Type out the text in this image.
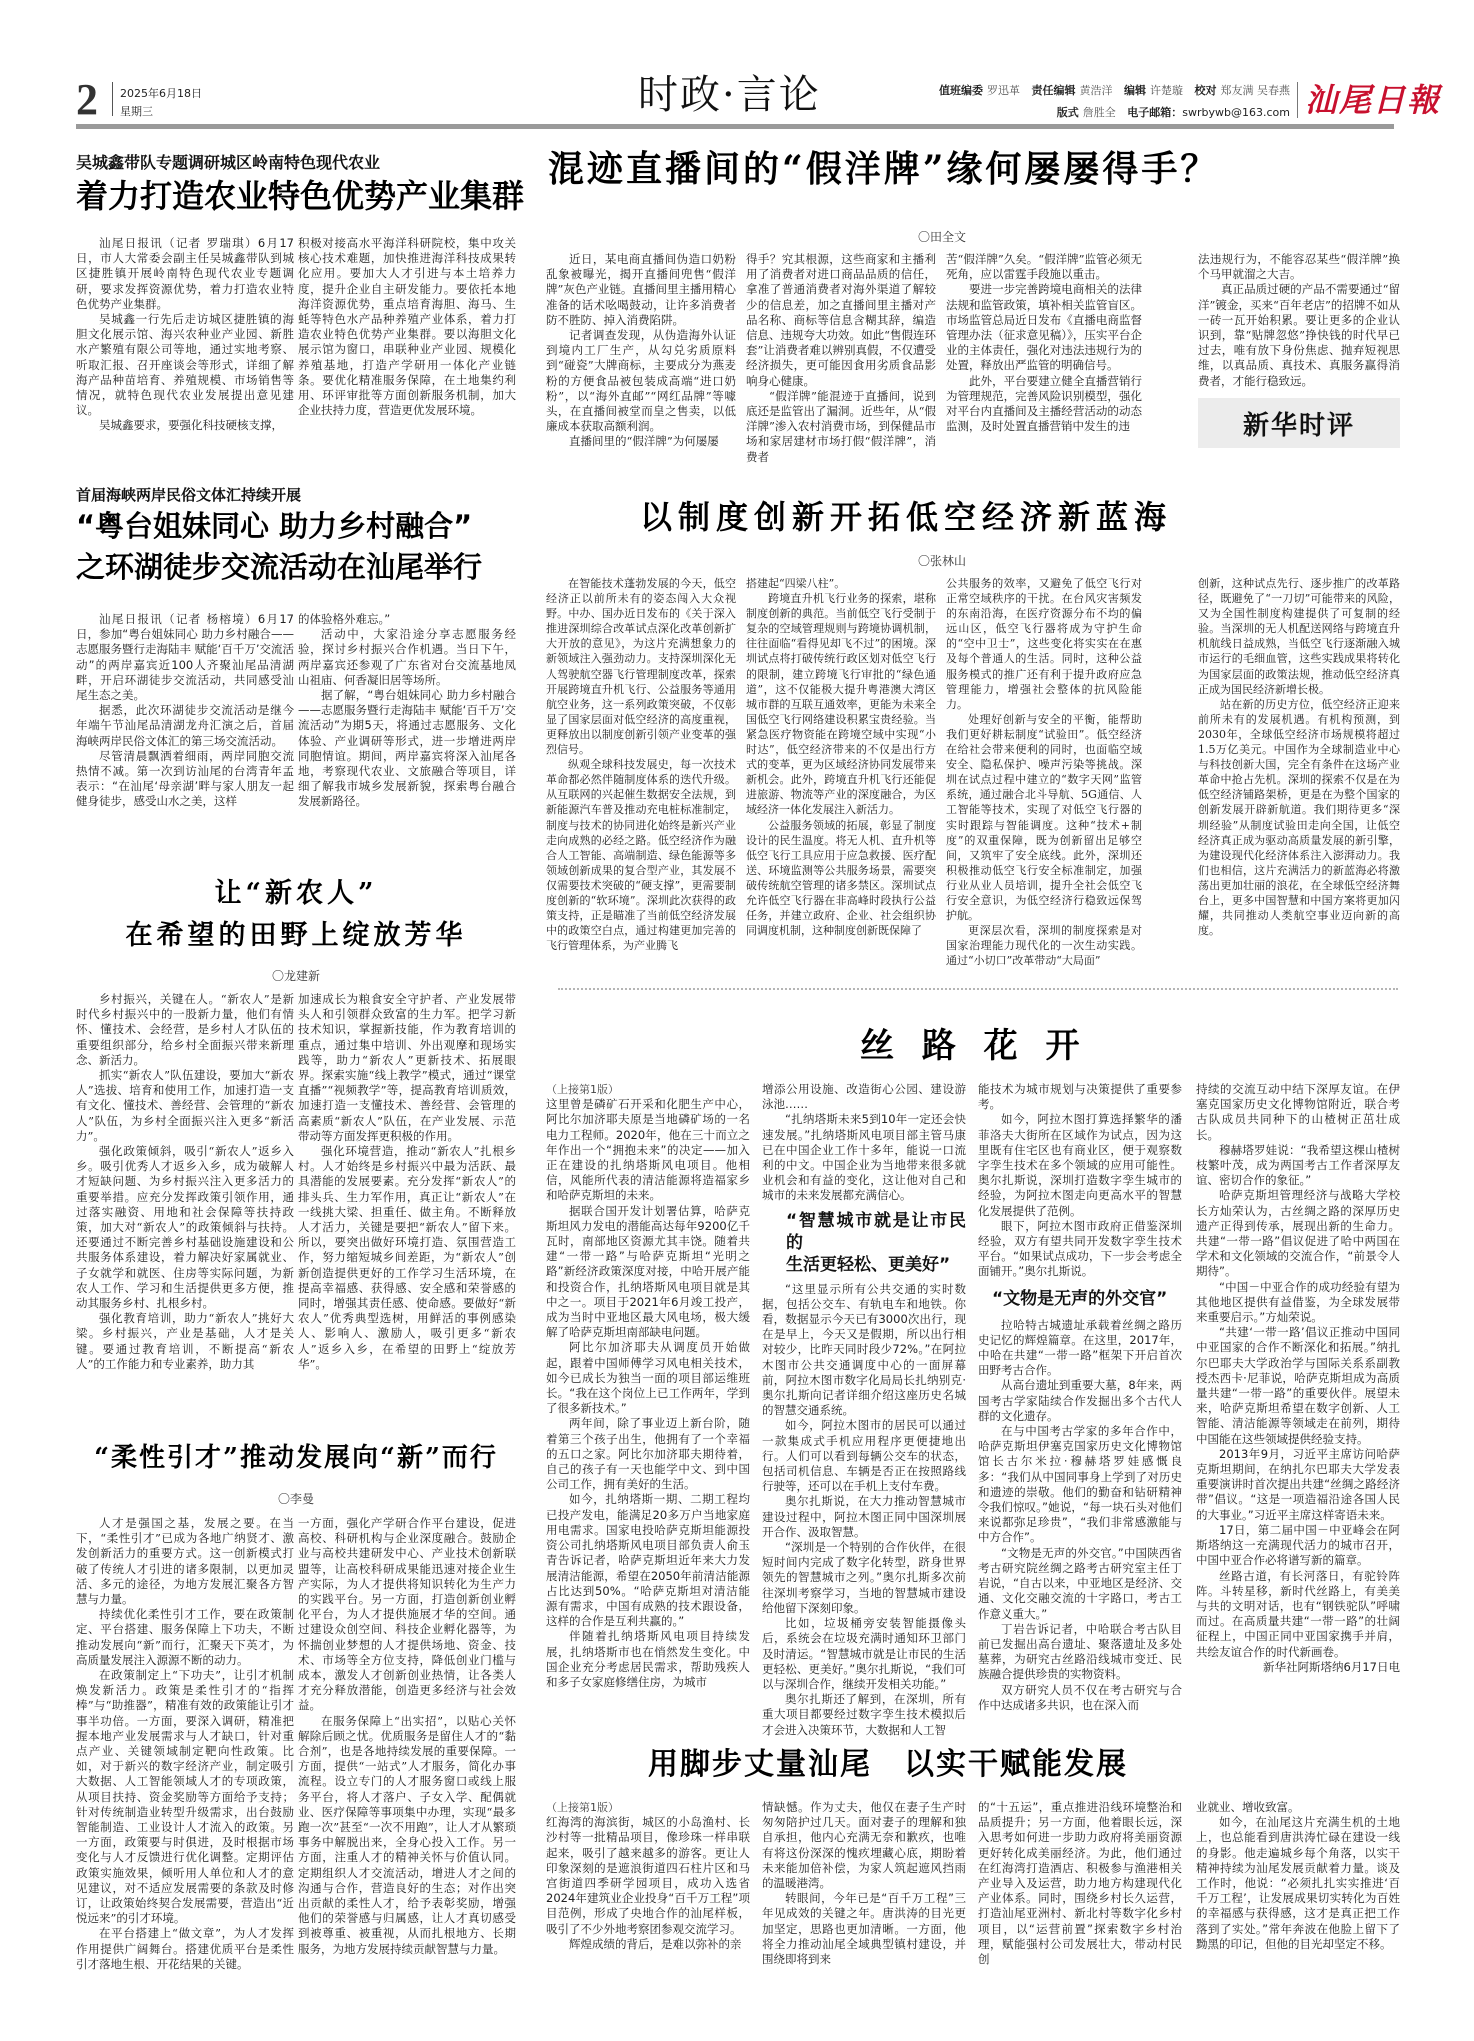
2 2025年6月18日
星期三	时政·言论	值班编委 罗迅革 责任编辑 黄浩洋 编辑 许楚璇 校对 郑友满 吴春燕
版式 詹胜全 电子邮箱：swrbywb@163.com 汕尾日報
吴城鑫带队专题调研城区岭南特色现代农业
着力打造农业特色优势产业集群

汕尾日报讯（记者 罗瑞琪）6月17日，市人大常委会副主任吴城鑫带队到城区捷胜镇开展岭南特色现代农业专题调研，要求发挥资源优势，着力打造农业特色优势产业集群。

吴城鑫一行先后走访城区捷胜镇的海胆文化展示馆、海兴农种业产业园、新胜水产繁殖有限公司等地，通过实地考察、听取汇报、召开座谈会等形式，详细了解海产品种苗培育、养殖规模、市场销售等情况，就特色现代农业发展提出意见建议。

吴城鑫要求，要强化科技硬核支撑，

积极对接高水平海洋科研院校，集中攻关核心技术难题，加快推进海洋科技成果转化应用。要加大人才引进与本土培养力度，提升企业自主研发能力。要依托本地海洋资源优势，重点培育海胆、海马、生蚝等特色水产品种养殖产业体系，着力打造农业特色优势产业集群。要以海胆文化展示馆为窗口，串联种业产业园、规模化养殖基地，打造产学研用一体化产业链条。要优化精准服务保障，在土地集约利用、环评审批等方面创新服务机制，加大企业扶持力度，营造更优发展环境。

首届海峡两岸民俗文体汇持续开展
“粤台姐妹同心 助力乡村融合”
之环湖徒步交流活动在汕尾举行

汕尾日报讯（记者 杨榕境）6月17日，参加“粤台姐妹同心 助力乡村融合——志愿服务暨行走海陆丰 赋能‘百千万’交流活动”的两岸嘉宾近100人齐聚汕尾品清湖畔，开启环湖徒步交流活动，共同感受汕尾生态之美。

据悉，此次环湖徒步交流活动是继今年端午节汕尾品清湖龙舟汇演之后，首届海峡两岸民俗文体汇的第三场交流活动。

尽管清晨飘洒着细雨，两岸同胞交流热情不减。第一次到访汕尾的台湾青年孟表示：“在汕尾‘母亲湖’畔与家人朋友一起健身徒步，感受山水之美，这样

的体验格外难忘。”

活动中，大家沿途分享志愿服务经验，探讨乡村振兴合作机遇。当日下午，两岸嘉宾还参观了广东省对台交流基地凤山祖庙、何香凝旧居等场所。

据了解，“粤台姐妹同心 助力乡村融合——志愿服务暨行走海陆丰 赋能‘百千万’交流活动”为期5天，将通过志愿服务、文化体验、产业调研等形式，进一步增进两岸同胞情谊。期间，两岸嘉宾将深入汕尾各地，考察现代农业、文旅融合等项目，详细了解我市城乡发展新貌，探索粤台融合发展新路径。

让“新农人”
在希望的田野上绽放芳华
〇龙建新

乡村振兴，关键在人。“新农人”是新时代乡村振兴中的一股新力量，他们有情怀、懂技术、会经营，是乡村人才队伍的重要组织部分，给乡村全面振兴带来新理念、新活力。

抓实“新农人”队伍建设，要加大“新农人”选拔、培育和使用工作，加速打造一支有文化、懂技术、善经营、会管理的“新农人”队伍，为乡村全面振兴注入更多“新活力”。

强化政策倾斜，吸引“新农人”返乡入乡。吸引优秀人才返乡入乡，成为破解人才短缺问题、为乡村振兴注入更多活力的重要举措。应充分发挥政策引领作用，通过落实融资、用地和社会保障等扶持政策，加大对“新农人”的政策倾斜与扶持。还要通过不断完善乡村基础设施建设和公共服务体系建设，着力解决好家属就业、子女就学和就医、住房等实际问题，为新农人工作、学习和生活提供更多方便，推动其服务乡村、扎根乡村。

强化教育培训，助力“新农人”挑好大梁。乡村振兴，产业是基础，人才是关键。要通过教育培训，不断提高“新农人”的工作能力和专业素养，助力其

加速成长为粮食安全守护者、产业发展带头人和引领群众致富的生力军。把学习新技术知识，掌握新技能，作为教育培训的重点，通过集中培训、外出观摩和现场实践等，助力“新农人”更新技术、拓展眼界。探索实施“线上教学”模式，通过“课堂直播”“视频教学”等，提高教育培训质效，加速打造一支懂技术、善经营、会管理的高素质“新农人”队伍，在产业发展、示范带动等方面发挥更积极的作用。

强化环境营造，推动“新农人”扎根乡村。人才始终是乡村振兴中最为活跃、最具潜能的发展要素。充分发挥“新农人”的排头兵、生力军作用，真正让“新农人”在一线挑大梁、担重任、做主角。不断释放人才活力，关键是要把“新农人”留下来。所以，要突出做好环境打造、氛围营造工作，努力缩短城乡间差距，为“新农人”创新创造提供更好的工作学习生活环境，在提高幸福感、获得感、安全感和荣誉感的同时，增强其责任感、使命感。要做好“新农人”优秀典型选树，用鲜活的事例感染人、影响人、激励人，吸引更多“新农人”返乡入乡，在希望的田野上“绽放芳华”。

“柔性引才”推动发展向“新”而行
〇李曼

人才是强国之基，发展之要。在当下，“柔性引才”已成为各地广纳贤才、激发创新活力的重要方式。这一创新模式打破了传统人才引进的诸多限制，以更加灵活、多元的途径，为地方发展汇聚各方智慧与力量。

持续优化柔性引才工作，要在政策制定、平台搭建、服务保障上下功夫，不断推动发展向“新”而行，汇聚天下英才，为高质量发展注入源源不断的动力。

在政策制定上“下功夫”，让引才机制焕发新活力。政策是柔性引才的“指挥棒”与“助推器”，精准有效的政策能让引才事半功倍。一方面，要深入调研，精准把握本地产业发展需求与人才缺口，针对重点产业、关键领域制定靶向性政策。比如，对于新兴的数字经济产业，制定吸引大数据、人工智能领域人才的专项政策，从项目扶持、资金奖励等方面给予支持；针对传统制造业转型升级需求，出台鼓励智能制造、工业设计人才流入的政策。另一方面，政策要与时俱进，及时根据市场变化与人才反馈进行优化调整。定期评估政策实施效果，倾听用人单位和人才的意见建议，对不适应发展需要的条款及时修订，让政策始终契合发展需要，营造出“近悦远来”的引才环境。

在平台搭建上“做文章”，为人才发挥作用提供广阔舞台。搭建优质平台是柔性引才落地生根、开花结果的关键。

一方面，强化产学研合作平台建设，促进高校、科研机构与企业深度融合。鼓励企业与高校共建研发中心、产业技术创新联盟等，让高校科研成果能迅速对接企业生产实际，为人才提供将知识转化为生产力的实践平台。另一方面，打造创新创业孵化平台，为人才提供施展才华的空间。通过建设众创空间、科技企业孵化器等，为怀揣创业梦想的人才提供场地、资金、技术、市场等全方位支持，降低创业门槛与成本，激发人才创新创业热情，让各类人才充分释放潜能，创造更多经济与社会效益。

在服务保障上“出实招”，以贴心关怀解除后顾之忧。优质服务是留住人才的“黏合剂”，也是各地持续发展的重要保障。一方面，提供“一站式”人才服务，简化办事流程。设立专门的人才服务窗口或线上服务平台，将人才落户、子女入学、配偶就业、医疗保障等事项集中办理，实现“最多跑一次”甚至“一次不用跑”，让人才从繁琐事务中解脱出来，全身心投入工作。另一方面，注重人才的精神关怀与价值认同。定期组织人才交流活动，增进人才之间的沟通与合作，营造良好的生态；对作出突出贡献的柔性人才，给予表彰奖励，增强他们的荣誉感与归属感，让人才真切感受到被尊重、被重视，从而扎根地方、长期服务，为地方发展持续贡献智慧与力量。

混迹直播间的“假洋牌”缘何屡屡得手？
〇田全文

近日，某电商直播间伪造口奶粉乱象被曝光，揭开直播间兜售“假洋牌”灰色产业链。直播间里主播用精心准备的话术吆喝鼓动，让许多消费者防不胜防、掉入消费陷阱。

记者调查发现，从伪造海外认证到境内工厂生产，从勾兑劣质原料到“碰瓷”大牌商标，主要成分为燕麦粉的方便食品被包装成高端“进口奶粉”，以“海外直邮”“网红品牌”等噱头，在直播间被堂而皇之售卖，以低廉成本获取高额利润。

直播间里的“假洋牌”为何屡屡

得手？究其根源，这些商家和主播利用了消费者对进口商品品质的信任，拿准了普通消费者对海外渠道了解较少的信息差，加之直播间里主播对产品名称、商标等信息含糊其辞，编造信息、违规夸大功效。如此“售假连环套”让消费者难以辨别真假，不仅遭受经济损失，更可能因食用劣质食品影响身心健康。

“假洋牌”能混迹于直播间，说到底还是监管出了漏洞。近些年，从“假洋牌”渗入农村消费市场，到保健品市场和家居建材市场打假“假洋牌”，消费者

苦“假洋牌”久矣。“假洋牌”监管必须无死角，应以雷霆手段施以重击。

要进一步完善跨境电商相关的法律法规和监管政策，填补相关监管盲区。市场监管总局近日发布《直播电商监督管理办法（征求意见稿）》，压实平台企业的主体责任，强化对违法违规行为的处置，释放出严监管的明确信号。

此外，平台要建立健全直播营销行为管理规范，完善风险识别模型，强化对平台内直播间及主播经营活动的动态监测，及时处置直播营销中发生的违

法违规行为，不能容忍某些“假洋牌”换个马甲就溜之大吉。

真正品质过硬的产品不需要通过“留洋”镀金，买来“百年老店”的招牌不如从一砖一瓦开始积累。要让更多的企业认识到，靠“贴牌忽悠”挣快钱的时代早已过去，唯有放下身份焦虑、抛弃短视思维，以真品质、真技术、真服务赢得消费者，才能行稳致远。

新华时评
以制度创新开拓低空经济新蓝海
〇张林山

在智能技术蓬勃发展的今天，低空经济正以前所未有的姿态闯入大众视野。中办、国办近日发布的《关于深入推进深圳综合改革试点深化改革创新扩大开放的意见》，为这片充满想象力的新领域注入强劲动力。支持深圳深化无人驾驶航空器飞行管理制度改革，探索开展跨境直升机飞行、公益服务等通用航空业务，这一系列政策突破，不仅彰显了国家层面对低空经济的高度重视，更释放出以制度创新引领产业变革的强烈信号。

纵观全球科技发展史，每一次技术革命都必然伴随制度体系的迭代升级。从互联网的兴起催生数据安全法规，到新能源汽车普及推动充电桩标准制定，制度与技术的协同进化始终是新兴产业走向成熟的必经之路。低空经济作为融合人工智能、高端制造、绿色能源等多领域创新成果的复合型产业，其发展不仅需要技术突破的“硬支撑”，更需要制度创新的“软环境”。深圳此次获得的政策支持，正是瞄准了当前低空经济发展中的政策空白点，通过构建更加完善的飞行管理体系，为产业腾飞

搭建起“四梁八柱”。

跨境直升机飞行业务的探索，堪称制度创新的典范。当前低空飞行受制于复杂的空域管理规则与跨境协调机制，往往面临“看得见却飞不过”的困境。深圳试点将打破传统行政区划对低空飞行的限制，建立跨境飞行审批的“绿色通道”，这不仅能极大提升粤港澳大湾区城市群的互联互通效率，更能为未来全国低空飞行网络建设积累宝贵经验。当紧急医疗物资能在跨境空域中实现“小时达”，低空经济带来的不仅是出行方式的变革，更为区域经济协同发展带来新机会。此外，跨境直升机飞行还能促进旅游、物流等产业的深度融合，为区域经济一体化发展注入新活力。

公益服务领域的拓展，彰显了制度设计的民生温度。将无人机、直升机等低空飞行工具应用于应急救援、医疗配送、环境监测等公共服务场景，需要突破传统航空管理的诸多禁区。深圳试点允许低空飞行器在非高峰时段执行公益任务，并建立政府、企业、社会组织协同调度机制，这种制度创新既保障了

公共服务的效率，又避免了低空飞行对正常空域秩序的干扰。在台风灾害频发的东南沿海，在医疗资源分布不均的偏远山区，低空飞行器将成为守护生命的“空中卫士”，这些变化将实实在在惠及每个普通人的生活。同时，这种公益服务模式的推广还有利于提升政府应急管理能力，增强社会整体的抗风险能力。

处理好创新与安全的平衡，能帮助我们更好耕耘制度“试验田”。低空经济在给社会带来便利的同时，也面临空域安全、隐私保护、噪声污染等挑战。深圳在试点过程中建立的“数字天网”监管系统，通过融合北斗导航、5G通信、人工智能等技术，实现了对低空飞行器的实时跟踪与智能调度。这种“技术+制度”的双重保障，既为创新留出足够空间，又筑牢了安全底线。此外，深圳还积极推动低空飞行安全标准制定，加强行业从业人员培训，提升全社会低空飞行安全意识，为低空经济行稳致远保驾护航。

更深层次看，深圳的制度探索是对国家治理能力现代化的一次生动实践。通过“小切口”改革带动“大局面”

创新，这种试点先行、逐步推广的改革路径，既避免了“一刀切”可能带来的风险，又为全国性制度构建提供了可复制的经验。当深圳的无人机配送网络与跨境直升机航线日益成熟，当低空飞行逐渐融入城市运行的毛细血管，这些实践成果将转化为国家层面的政策法规，推动低空经济真正成为国民经济新增长极。

站在新的历史方位，低空经济正迎来前所未有的发展机遇。有机构预测，到2030年，全球低空经济市场规模将超过1.5万亿美元。中国作为全球制造业中心与科技创新大国，完全有条件在这场产业革命中抢占先机。深圳的探索不仅是在为低空经济铺路架桥，更是在为整个国家的创新发展开辟新航道。我们期待更多“深圳经验”从制度试验田走向全国，让低空经济真正成为驱动高质量发展的新引擎，为建设现代化经济体系注入澎湃动力。我们也相信，这片充满活力的新蓝海必将激荡出更加壮丽的浪花，在全球低空经济舞台上，更多中国智慧和中国方案将更加闪耀，共同推动人类航空事业迈向新的高度。

丝 路 花 开
（上接第1版）

这里曾是磷矿石开采和化肥生产中心，阿比尔加济耶夫原是当地磷矿场的一名电力工程师。2020年，他在三十而立之年作出一个“拥抱未来”的决定——加入正在建设的扎纳塔斯风电项目。他相信，风能所代表的清洁能源将造福家乡和哈萨克斯坦的未来。

据联合国开发计划署估算，哈萨克斯坦风力发电的潜能高达每年9200亿千瓦时，南部地区资源尤其丰饶。随着共建“一带一路”与哈萨克斯坦“光明之路”新经济政策深度对接，中哈开展产能和投资合作，扎纳塔斯风电项目就是其中之一。项目于2021年6月竣工投产，成为当时中亚地区最大风电场，极大缓解了哈萨克斯坦南部缺电问题。

阿比尔加济耶夫从调度员开始做起，跟着中国师傅学习风电相关技术，如今已成长为独当一面的项目部运维班长。“我在这个岗位上已工作两年，学到了很多新技术。”

两年间，除了事业迈上新台阶，随着第三个孩子出生，他拥有了一个幸福的五口之家。阿比尔加济耶夫期待着，自己的孩子有一天也能学中文、到中国公司工作，拥有美好的生活。

如今，扎纳塔斯一期、二期工程均已投产发电，能满足20多万户当地家庭用电需求。国家电投哈萨克斯坦能源投资公司扎纳塔斯风电项目部负责人俞玉青告诉记者，哈萨克斯坦近年来大力发展清洁能源，希望在2050年前清洁能源占比达到50%。“哈萨克斯坦对清洁能源有需求，中国有成熟的技术跟设备，这样的合作是互利共赢的。”

伴随着扎纳塔斯风电项目持续发展，扎纳塔斯市也在悄然发生变化。中国企业充分考虑居民需求，帮助残疾人和多子女家庭修缮住房，为城市

增添公用设施、改造街心公园、建设游泳池……

“扎纳塔斯未来5到10年一定还会快速发展。”扎纳塔斯风电项目部主管马康已在中国企业工作十多年，能说一口流利的中文。中国企业为当地带来很多就业机会和有益的变化，这让他对自己和城市的未来发展都充满信心。

“智慧城市就是让市民的
生活更轻松、更美好”

“这里显示所有公共交通的实时数据，包括公交车、有轨电车和地铁。你看，数据显示今天已有3000次出行，现在是早上，今天又是假期，所以出行相对较少，比昨天同时段少72%。”在阿拉木图市公共交通调度中心的一面屏幕前，阿拉木图市数字化局局长扎纳别克·奥尔扎斯向记者详细介绍这座历史名城的智慧交通系统。

如今，阿拉木图市的居民可以通过一款集成式手机应用程序更便捷地出行。人们可以看到每辆公交车的状态，包括司机信息、车辆是否正在按照路线行驶等，还可以在手机上支付车费。

奥尔扎斯说，在大力推动智慧城市建设过程中，阿拉木图正同中国深圳展开合作、汲取智慧。

“深圳是一个特别的合作伙伴，在很短时间内完成了数字化转型，跻身世界领先的智慧城市之列。”奥尔扎斯多次前往深圳考察学习，当地的智慧城市建设给他留下深刻印象。

比如，垃圾桶旁安装智能摄像头后，系统会在垃圾充满时通知环卫部门及时清运。“智慧城市就是让市民的生活更轻松、更美好。”奥尔扎斯说，“我们可以与深圳合作，继续开发相关功能。”

奥尔扎斯还了解到，在深圳，所有重大项目都要经过数字孪生技术模拟后才会进入决策环节，大数据和人工智

能技术为城市规划与决策提供了重要参考。

如今，阿拉木图打算选择繁华的潘菲洛夫大街所在区域作为试点，因为这里既有住宅区也有商业区，便于观察数字孪生技术在多个领域的应用可能性。奥尔扎斯说，深圳打造数字孪生城市的经验，为阿拉木图走向更高水平的智慧化发展提供了范例。

眼下，阿拉木图市政府正借鉴深圳经验，双方有望共同开发数字孪生技术平台。“如果试点成功，下一步会考虑全面铺开。”奥尔扎斯说。

“文物是无声的外交官”

拉哈特古城遗址承载着丝绸之路历史记忆的辉煌篇章。在这里，2017年，中哈在共建“一带一路”框架下开启首次田野考古合作。

从高台遗址到重要大墓，8年来，两国考古学家陆续合作发掘出多个古代人群的文化遗存。

在与中国考古学家的多年合作中，哈萨克斯坦伊塞克国家历史文化博物馆馆长古尔米拉·穆赫塔罗娃感慨良多：“我们从中国同事身上学到了对历史和遗迹的崇敬。他们的勤奋和钻研精神令我们惊叹。”她说，“每一块石头对他们来说都弥足珍贵”，“我们非常感激能与中方合作”。

“文物是无声的外交官。”中国陕西省考古研究院丝绸之路考古研究室主任丁岩说，“自古以来，中亚地区是经济、交通、文化交融交流的十字路口，考古工作意义重大。”

丁岩告诉记者，中哈联合考古队目前已发掘出高台遗址、聚落遗址及多处墓葬，为研究古丝路沿线城市变迁、民族融合提供珍贵的实物资料。

双方研究人员不仅在考古研究与合作中达成诸多共识，也在深入而

持续的交流互动中结下深厚友谊。在伊塞克国家历史文化博物馆附近，联合考古队成员共同种下的山楂树正茁壮成长。

穆赫塔罗娃说：“我希望这棵山楂树枝繁叶茂，成为两国考古工作者深厚友谊、密切合作的象征。”

哈萨克斯坦管理经济与战略大学校长方灿荣认为，古丝绸之路的深厚历史遗产正得到传承，展现出新的生命力。共建“一带一路”倡议促进了哈中两国在学术和文化领域的交流合作，“前景令人期待”。

“中国－中亚合作的成功经验有望为其他地区提供有益借鉴，为全球发展带来重要启示。”方灿荣说。

“共建‘一带一路’倡议正推动中国同中亚国家的合作不断深化和拓展。”纳扎尔巴耶夫大学政治学与国际关系系副教授杰西卡·尼菲说，哈萨克斯坦成为高质量共建“一带一路”的重要伙伴。展望未来，哈萨克斯坦希望在数字创新、人工智能、清洁能源等领域走在前列，期待中国能在这些领域提供经验支持。

2013年9月，习近平主席访问哈萨克斯坦期间，在纳扎尔巴耶夫大学发表重要演讲时首次提出共建“丝绸之路经济带”倡议。“这是一项造福沿途各国人民的大事业。”习近平主席这样寄语未来。

17日，第二届中国－中亚峰会在阿斯塔纳这一充满现代活力的城市召开，中国中亚合作必将谱写新的篇章。

丝路古道，有长河落日，有驼铃阵阵。斗转星移，新时代丝路上，有美美与共的文明对话，也有“钢铁驼队”呼啸而过。在高质量共建“一带一路”的壮阔征程上，中国正同中亚国家携手并肩，共绘友谊合作的时代新画卷。

新华社阿斯塔纳6月17日电
用脚步丈量汕尾　以实干赋能发展
（上接第1版）

红海湾的海滨街，城区的小岛渔村、长沙村等一批精品项目，像珍珠一样串联起来，吸引了越来越多的游客。更让人印象深刻的是遮浪街道四石柱片区和马宫街道四季研学园项目，成功入选省2024年建筑业企业投身“百千万工程”项目范例，形成了央地合作的汕尾样板，吸引了不少外地考察团参观交流学习。

辉煌成绩的背后，是难以弥补的亲

情缺憾。作为丈夫，他仅在妻子生产时匆匆陪护过几天。面对妻子的理解和独自承担，他内心充满无奈和歉疚，也唯有将这份深深的愧疚埋藏心底，期盼着未来能加倍补偿，为家人筑起遮风挡雨的温暖港湾。

转眼间，今年已是“百千万工程”三年见成效的关键之年。唐洪涛的目光更加坚定，思路也更加清晰。一方面，他将全力推动汕尾全域典型镇村建设，并围绕即将到来

的“十五运”，重点推进沿线环境整治和品质提升；另一方面，他着眼长远，深入思考如何进一步助力政府将美丽资源更好转化成美丽经济。为此，他们通过在红海湾打造酒店、积极参与渔港相关产业导入及运营，助力地方构建现代化产业体系。同时，围绕乡村长久运营，打造汕尾亚洲村、新北村等数字化乡村项目，以“运营前置”探索数字乡村治理，赋能强村公司发展壮大，带动村民创

业就业、增收致富。

如今，在汕尾这片充满生机的土地上，也总能看到唐洪涛忙碌在建设一线的身影。他走遍城乡每个角落，以实干精神持续为汕尾发展贡献着力量。谈及工作时，他说：“必须扎扎实实推进‘百千万工程’，让发展成果切实转化为百姓的幸福感与获得感，这才是真正把工作落到了实处。”常年奔波在他脸上留下了黝黑的印记，但他的目光却坚定不移。
